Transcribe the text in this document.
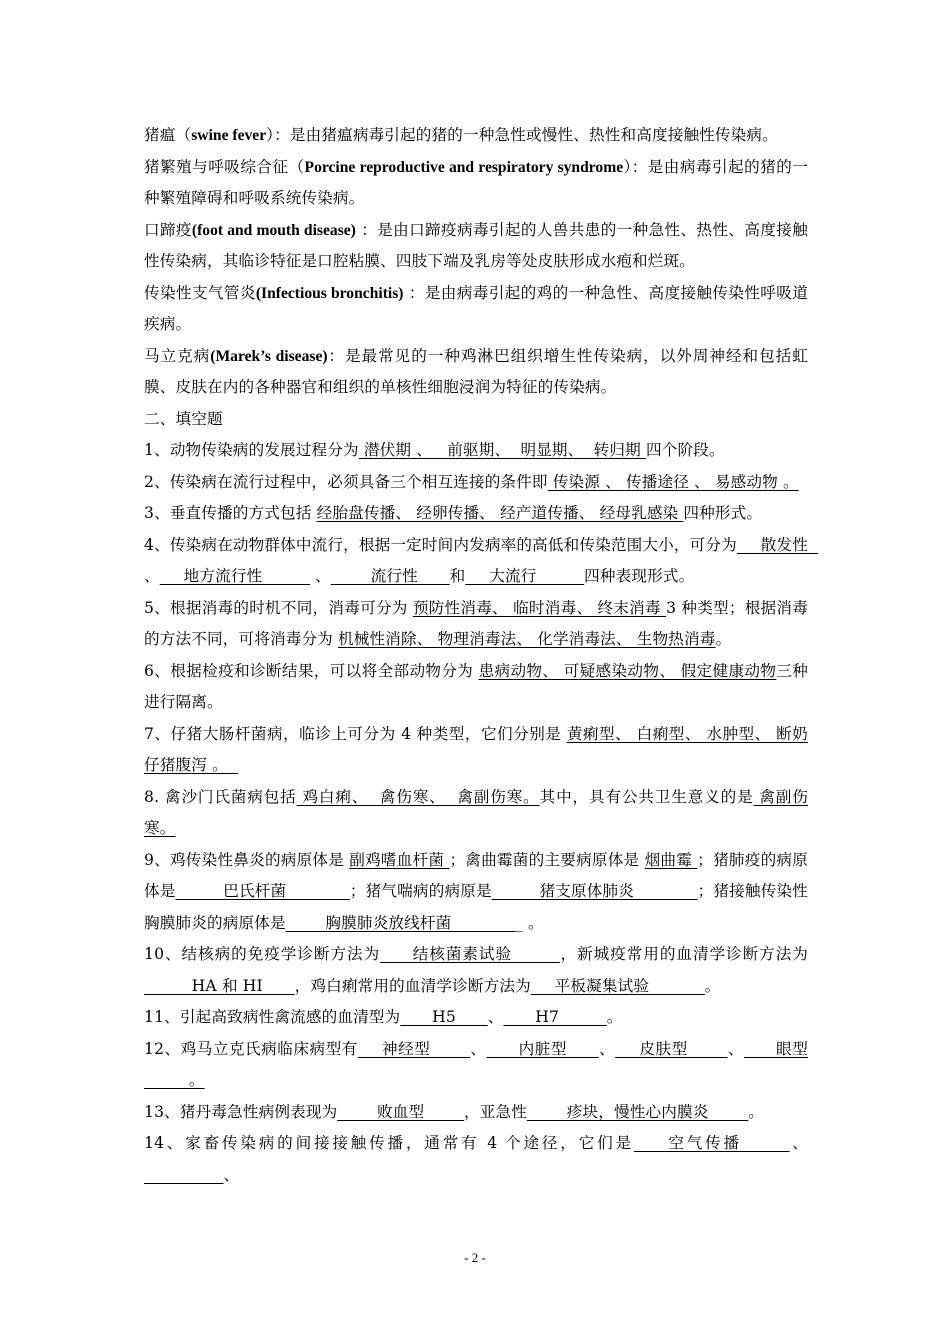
猪瘟（swine fever）：是由猪瘟病毒引起的猪的一种急性或慢性、热性和高度接触性传染病。

猪繁殖与呼吸综合征（Porcine reproductive and respiratory syndrome）：是由病毒引起的猪的一种繁殖障碍和呼吸系统传染病。

口蹄疫(foot and mouth disease) ：是由口蹄疫病毒引起的人兽共患的一种急性、热性、高度接触性传染病，其临诊特征是口腔粘膜、四肢下端及乳房等处皮肤形成水疱和烂斑。

传染性支气管炎(Infectious bronchitis) ：是由病毒引起的鸡的一种急性、高度接触传染性呼吸道疾病。

马立克病(Marek’s disease)：是最常见的一种鸡淋巴组织增生性传染病，以外周神经和包括虹膜、皮肤在内的各种器官和组织的单核性细胞浸润为特征的传染病。

二、填空题

1、动物传染病的发展过程分为 潜伏期 、   前驱期、  明显期、  转归期 四个阶段。

2、传染病在流行过程中，必须具备三个相互连接的条件即 传染源 、 传播途径 、 易感动物 。

3、垂直传播的方式包括 经胎盘传播、 经卵传播、 经产道传播、 经母乳感染 四种形式。

4、传染病在动物群体中流行，根据一定时间内发病率的高低和传染范围大小，可分为___散发性  、___地方流行性______ 、_____流行性____和___大流行______四种表现形式。

5、根据消毒的时机不同，消毒可分为 预防性消毒、 临时消毒、 终末消毒 3 种类型；根据消毒的方法不同，可将消毒分为 机械性消除、 物理消毒法、 化学消毒法、 生物热消毒。

6、根据检疫和诊断结果，可以将全部动物分为 患病动物、 可疑感染动物、 假定健康动物三种进行隔离。

7、仔猪大肠杆菌病，临诊上可分为 4 种类型，它们分别是 黄痢型、 白痢型、 水肿型、 断奶仔猪腹泻 。

8. 禽沙门氏菌病包括 鸡白痢、  禽伤寒、  禽副伤寒。其中，具有公共卫生意义的是 禽副伤寒。

9、鸡传染性鼻炎的病原体是 副鸡嗜血杆菌 ；禽曲霉菌的主要病原体是 烟曲霉 ；猪肺疫的病原体是______巴氏杆菌________；猪气喘病的病原是______猪支原体肺炎________；猪接触传染性胸膜肺炎的病原体是_____胸膜肺炎放线杆菌_________ 。

10、结核病的免疫学诊断方法为____结核菌素试验______，新城疫常用的血清学诊断方法为______HA 和 HI____，鸡白痢常用的血清学诊断方法为___平板凝集试验_______。

11、引起高致病性禽流感的血清型为____H5____、____H7______。

12、鸡马立克氏病临床病型有___神经型_____、____内脏型____、___皮肤型_____、____眼型_____ 。

13、猪丹毒急性病例表现为_____败血型_____，亚急性_____疹块，慢性心内膜炎_____。

14、家畜传染病的间接接触传播，通常有 4 个途径，它们是____空气传播______、__________、

- 2 -
